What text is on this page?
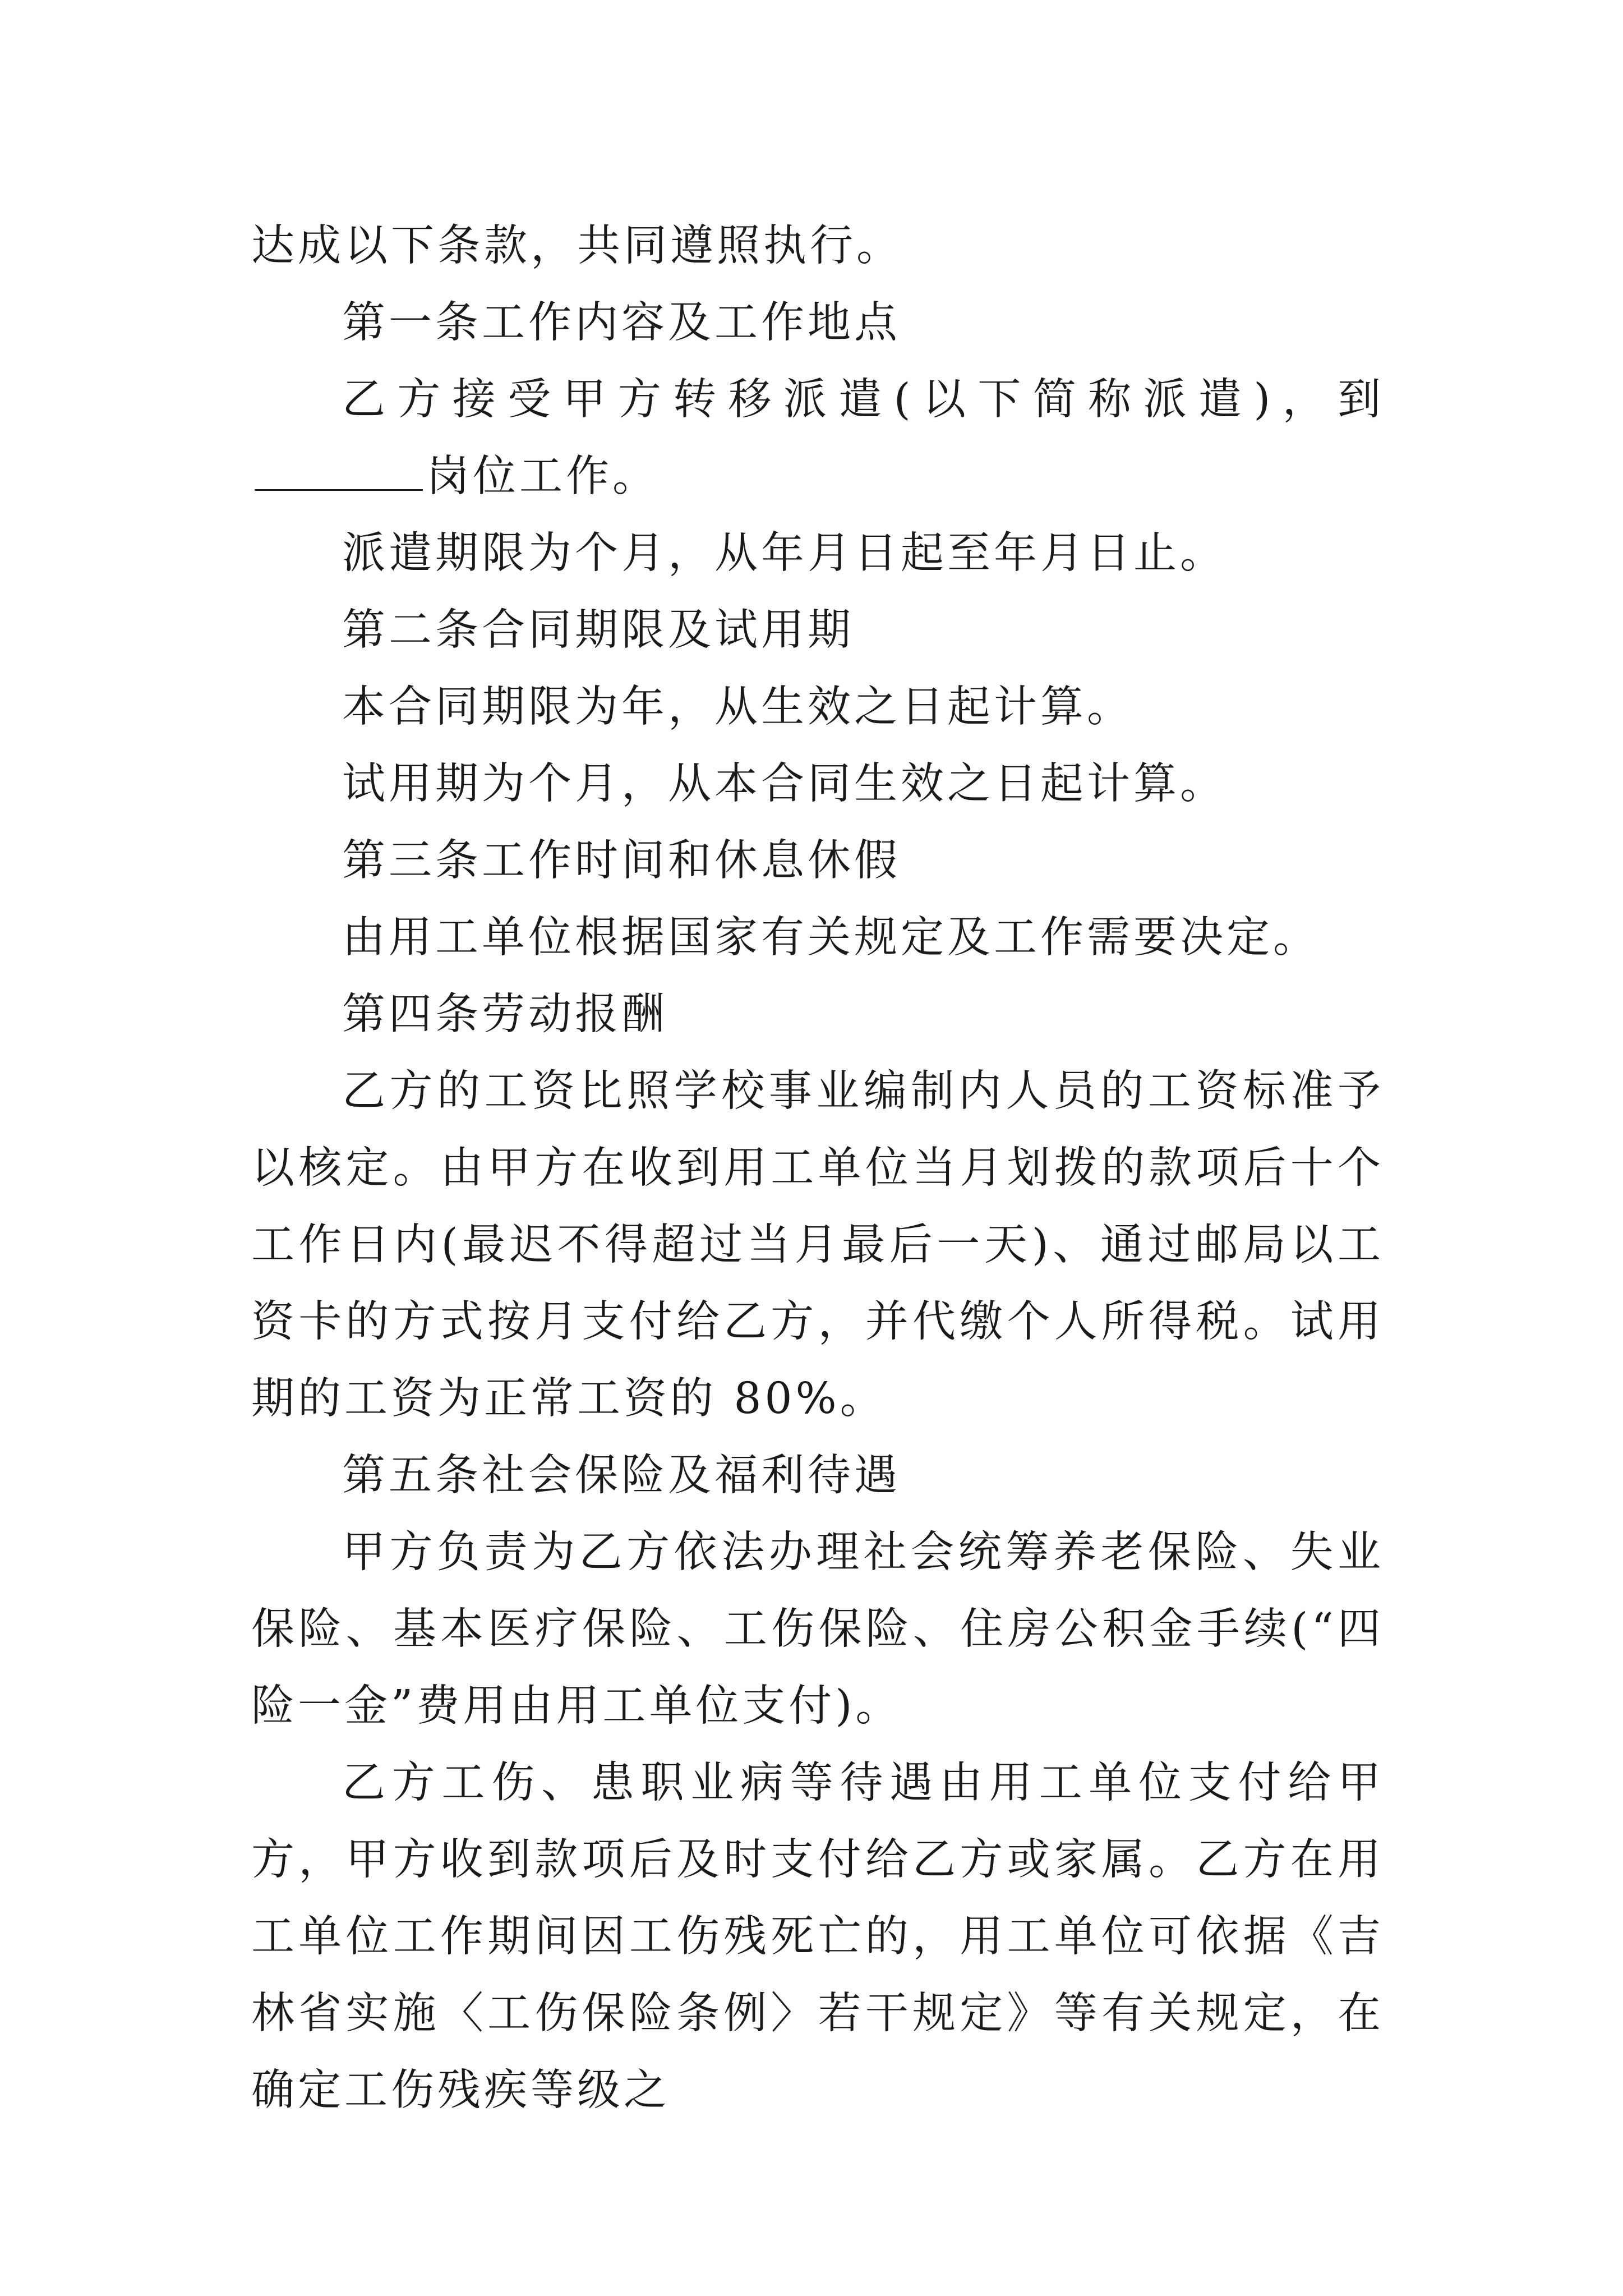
达成以下条款，共同遵照执行。

第一条工作内容及工作地点

乙方接受甲方转移派遣(以下简称派遣)，到岗位工作。

派遣期限为个月，从年月日起至年月日止。

第二条合同期限及试用期

本合同期限为年，从生效之日起计算。

试用期为个月，从本合同生效之日起计算。

第三条工作时间和休息休假

由用工单位根据国家有关规定及工作需要决定。

第四条劳动报酬

乙方的工资比照学校事业编制内人员的工资标准予以核定。由甲方在收到用工单位当月划拨的款项后十个工作日内(最迟不得超过当月最后一天)、通过邮局以工资卡的方式按月支付给乙方，并代缴个人所得税。试用期的工资为正常工资的 80%。

第五条社会保险及福利待遇

甲方负责为乙方依法办理社会统筹养老保险、失业保险、基本医疗保险、工伤保险、住房公积金手续(“四险一金”费用由用工单位支付)。

乙方工伤、患职业病等待遇由用工单位支付给甲方，甲方收到款项后及时支付给乙方或家属。乙方在用工单位工作期间因工伤残死亡的，用工单位可依据《吉林省实施〈工伤保险条例〉若干规定》等有关规定，在确定工伤残疾等级之
